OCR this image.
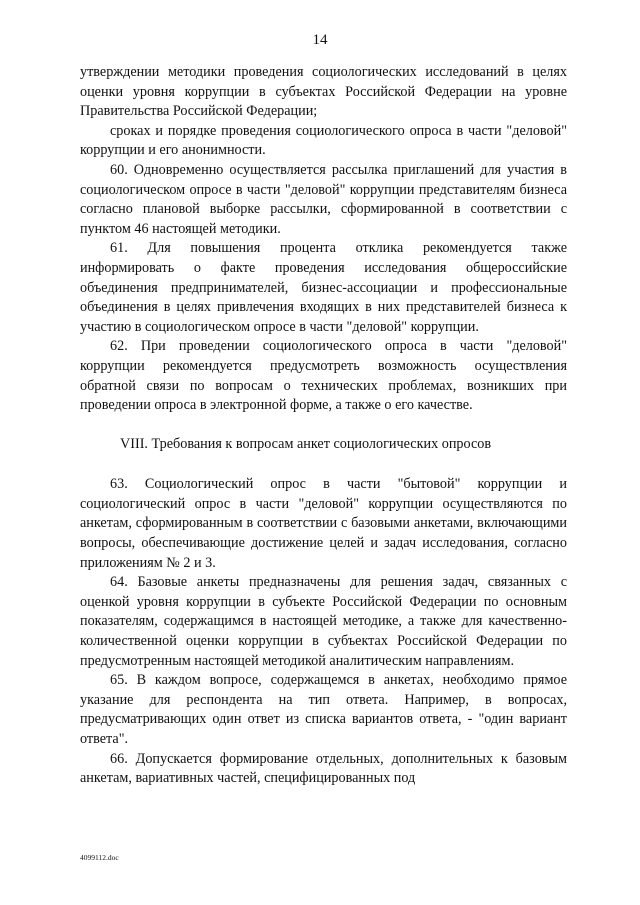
14

утверждении методики проведения социологических исследований в целях оценки уровня коррупции в субъектах Российской Федерации на уровне Правительства Российской Федерации;

сроках и порядке проведения социологического опроса в части "деловой" коррупции и его анонимности.

60. Одновременно осуществляется рассылка приглашений для участия в социологическом опросе в части "деловой" коррупции представителям бизнеса согласно плановой выборке рассылки, сформированной в соответствии с пунктом 46 настоящей методики.

61. Для повышения процента отклика рекомендуется также информировать о факте проведения исследования общероссийские объединения предпринимателей, бизнес-ассоциации и профессиональные объединения в целях привлечения входящих в них представителей бизнеса к участию в социологическом опросе в части "деловой" коррупции.

62. При проведении социологического опроса в части "деловой" коррупции рекомендуется предусмотреть возможность осуществления обратной связи по вопросам о технических проблемах, возникших при проведении опроса в электронной форме, а также о его качестве.

VIII. Требования к вопросам анкет социологических опросов

63. Социологический опрос в части "бытовой" коррупции и социологический опрос в части "деловой" коррупции осуществляются по анкетам, сформированным в соответствии с базовыми анкетами, включающими вопросы, обеспечивающие достижение целей и задач исследования, согласно приложениям № 2 и 3.

64. Базовые анкеты предназначены для решения задач, связанных с оценкой уровня коррупции в субъекте Российской Федерации по основным показателям, содержащимся в настоящей методике, а также для качественно-количественной оценки коррупции в субъектах Российской Федерации по предусмотренным настоящей методикой аналитическим направлениям.

65. В каждом вопросе, содержащемся в анкетах, необходимо прямое указание для респондента на тип ответа. Например, в вопросах, предусматривающих один ответ из списка вариантов ответа, - "один вариант ответа".

66. Допускается формирование отдельных, дополнительных к базовым анкетам, вариативных частей, специфицированных под

4099112.doc
